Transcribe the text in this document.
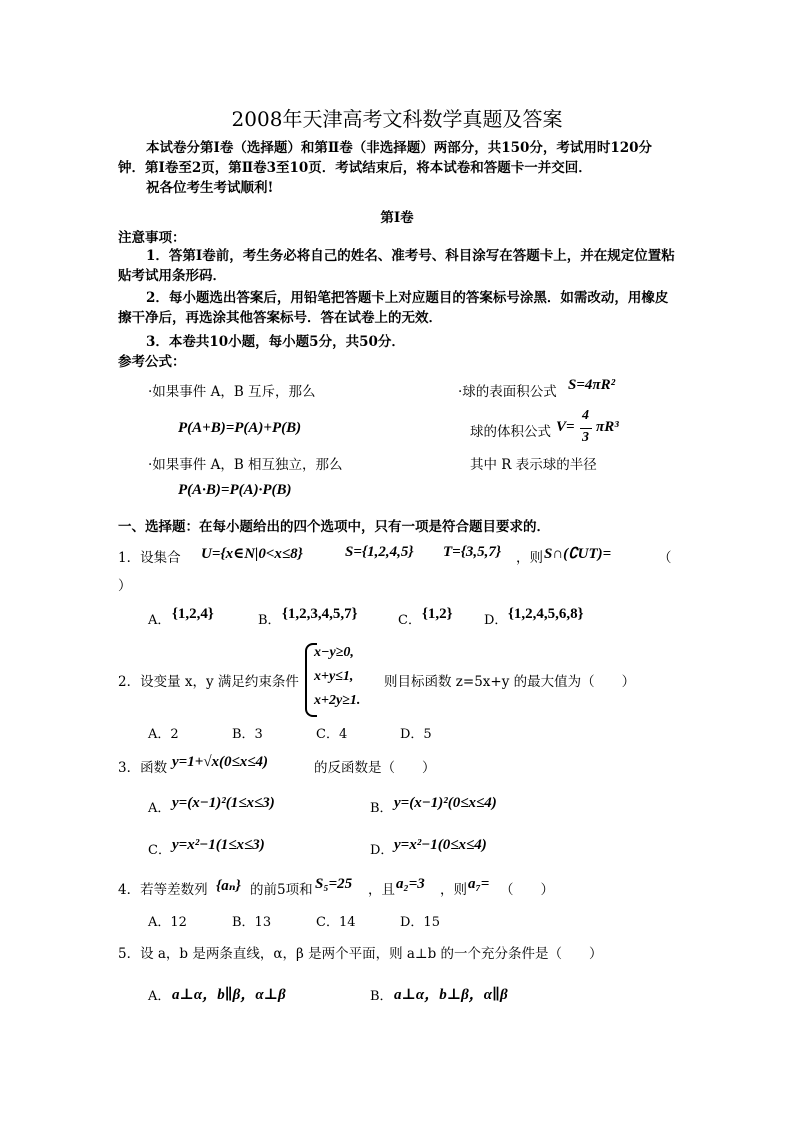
2008年天津高考文科数学真题及答案
本试卷分第Ⅰ卷（选择题）和第Ⅱ卷（非选择题）两部分，共150分，考试用时120分钟．第Ⅰ卷至2页，第Ⅱ卷3至10页．考试结束后，将本试卷和答题卡一并交回．
祝各位考生考试顺利!
第Ⅰ卷
注意事项：
1．答第Ⅰ卷前，考生务必将自己的姓名、准考号、科目涂写在答题卡上，并在规定位置粘贴考试用条形码．
2．每小题选出答案后，用铅笔把答题卡上对应题目的答案标号涂黑．如需改动，用橡皮擦干净后，再选涂其他答案标号．答在试卷上的无效．
3．本卷共10小题，每小题5分，共50分．
参考公式：
·如果事件 A，B 互斥，那么
P(A+B)=P(A)+P(B)
·如果事件 A，B 相互独立，那么
P(A·B)=P(A)·P(B)
·球的表面积公式 S=4πR²
球的体积公式 V=
4
3
πR³
其中 R 表示球的半径
一、选择题：在每小题给出的四个选项中，只有一项是符合题目要求的．
1．设集合 U={x∈N|0<x≤8}	S={1,2,4,5} T={3,5,7} ，则 S∩(∁UT)=	（
）
A． {1,2,4}	B． {1,2,3,4,5,7}	C． {1,2} D． {1,2,4,5,6,8}
2．设变量 x，y 满足约束条件
x−y≥0,
x+y≤1,
x+2y≥1.
则目标函数 z=5x+y 的最大值为（　　）
A．2	B．3	C．4	D．5
3．函数 y=1+√x(0≤x≤4)	的反函数是（　　）
A． y=(x−1)²(1≤x≤3)	B． y=(x−1)²(0≤x≤4)
C． y=x²−1(1≤x≤3)	D． y=x²−1(0≤x≤4)
4．若等差数列 {aₙ} 的前5项和 S₅=25 ，且 a₂=3 ，则 a₇= （　　）
A．12	B．13	C．14	D．15
5．设 a，b 是两条直线，α，β 是两个平面，则 a⊥b 的一个充分条件是（　　）
A． a⊥α，b∥β，α⊥β	B． a⊥α，b⊥β，α∥β
